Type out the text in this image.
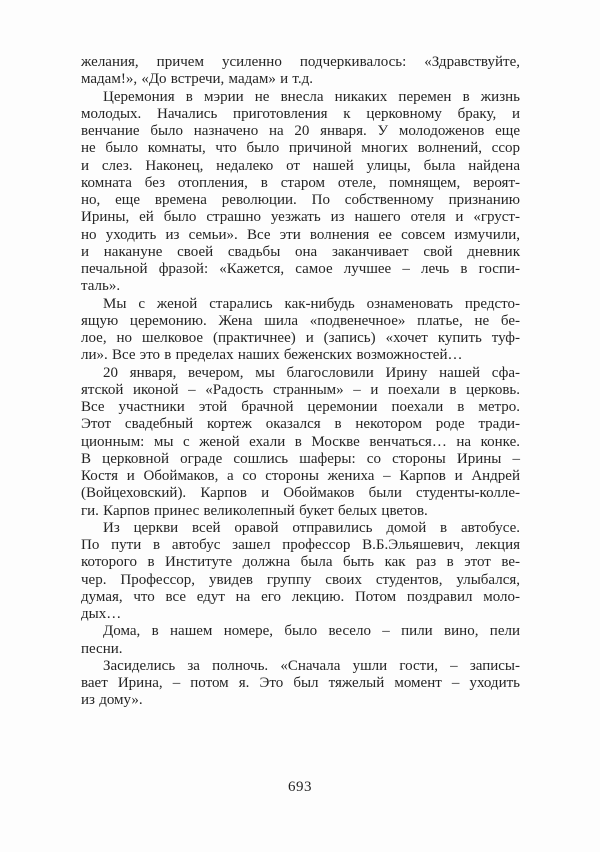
желания, причем усиленно подчеркивалось: «Здравствуйте,
мадам!», «До встречи, мадам» и т.д.
Церемония в мэрии не внесла никаких перемен в жизнь
молодых. Начались приготовления к церковному браку, и
венчание было назначено на 20 января. У молодоженов еще
не было комнаты, что было причиной многих волнений, ссор
и слез. Наконец, недалеко от нашей улицы, была найдена
комната без отопления, в старом отеле, помнящем, вероят-
но, еще времена революции. По собственному признанию
Ирины, ей было страшно уезжать из нашего отеля и «груст-
но уходить из семьи». Все эти волнения ее совсем измучили,
и накануне своей свадьбы она заканчивает свой дневник
печальной фразой: «Кажется, самое лучшее – лечь в госпи-
таль».
Мы с женой старались как-нибудь ознаменовать предсто-
ящую церемонию. Жена шила «подвенечное» платье, не бе-
лое, но шелковое (практичнее) и (запись) «хочет купить туф-
ли». Все это в пределах наших беженских возможностей…
20 января, вечером, мы благословили Ирину нашей сфа-
ятской иконой – «Радость странным» – и поехали в церковь.
Все участники этой брачной церемонии поехали в метро.
Этот свадебный кортеж оказался в некотором роде тради-
ционным: мы с женой ехали в Москве венчаться… на конке.
В церковной ограде сошлись шаферы: со стороны Ирины –
Костя и Обоймаков, а со стороны жениха – Карпов и Андрей
(Войцеховский). Карпов и Обоймаков были студенты-колле-
ги. Карпов принес великолепный букет белых цветов.
Из церкви всей оравой отправились домой в автобусе.
По пути в автобус зашел профессор В.Б.Эльяшевич, лекция
которого в Институте должна была быть как раз в этот ве-
чер. Профессор, увидев группу своих студентов, улыбался,
думая, что все едут на его лекцию. Потом поздравил моло-
дых…
Дома, в нашем номере, было весело – пили вино, пели
песни.
Засиделись за полночь. «Сначала ушли гости, – записы-
вает Ирина, – потом я. Это был тяжелый момент – уходить
из дому».
693
